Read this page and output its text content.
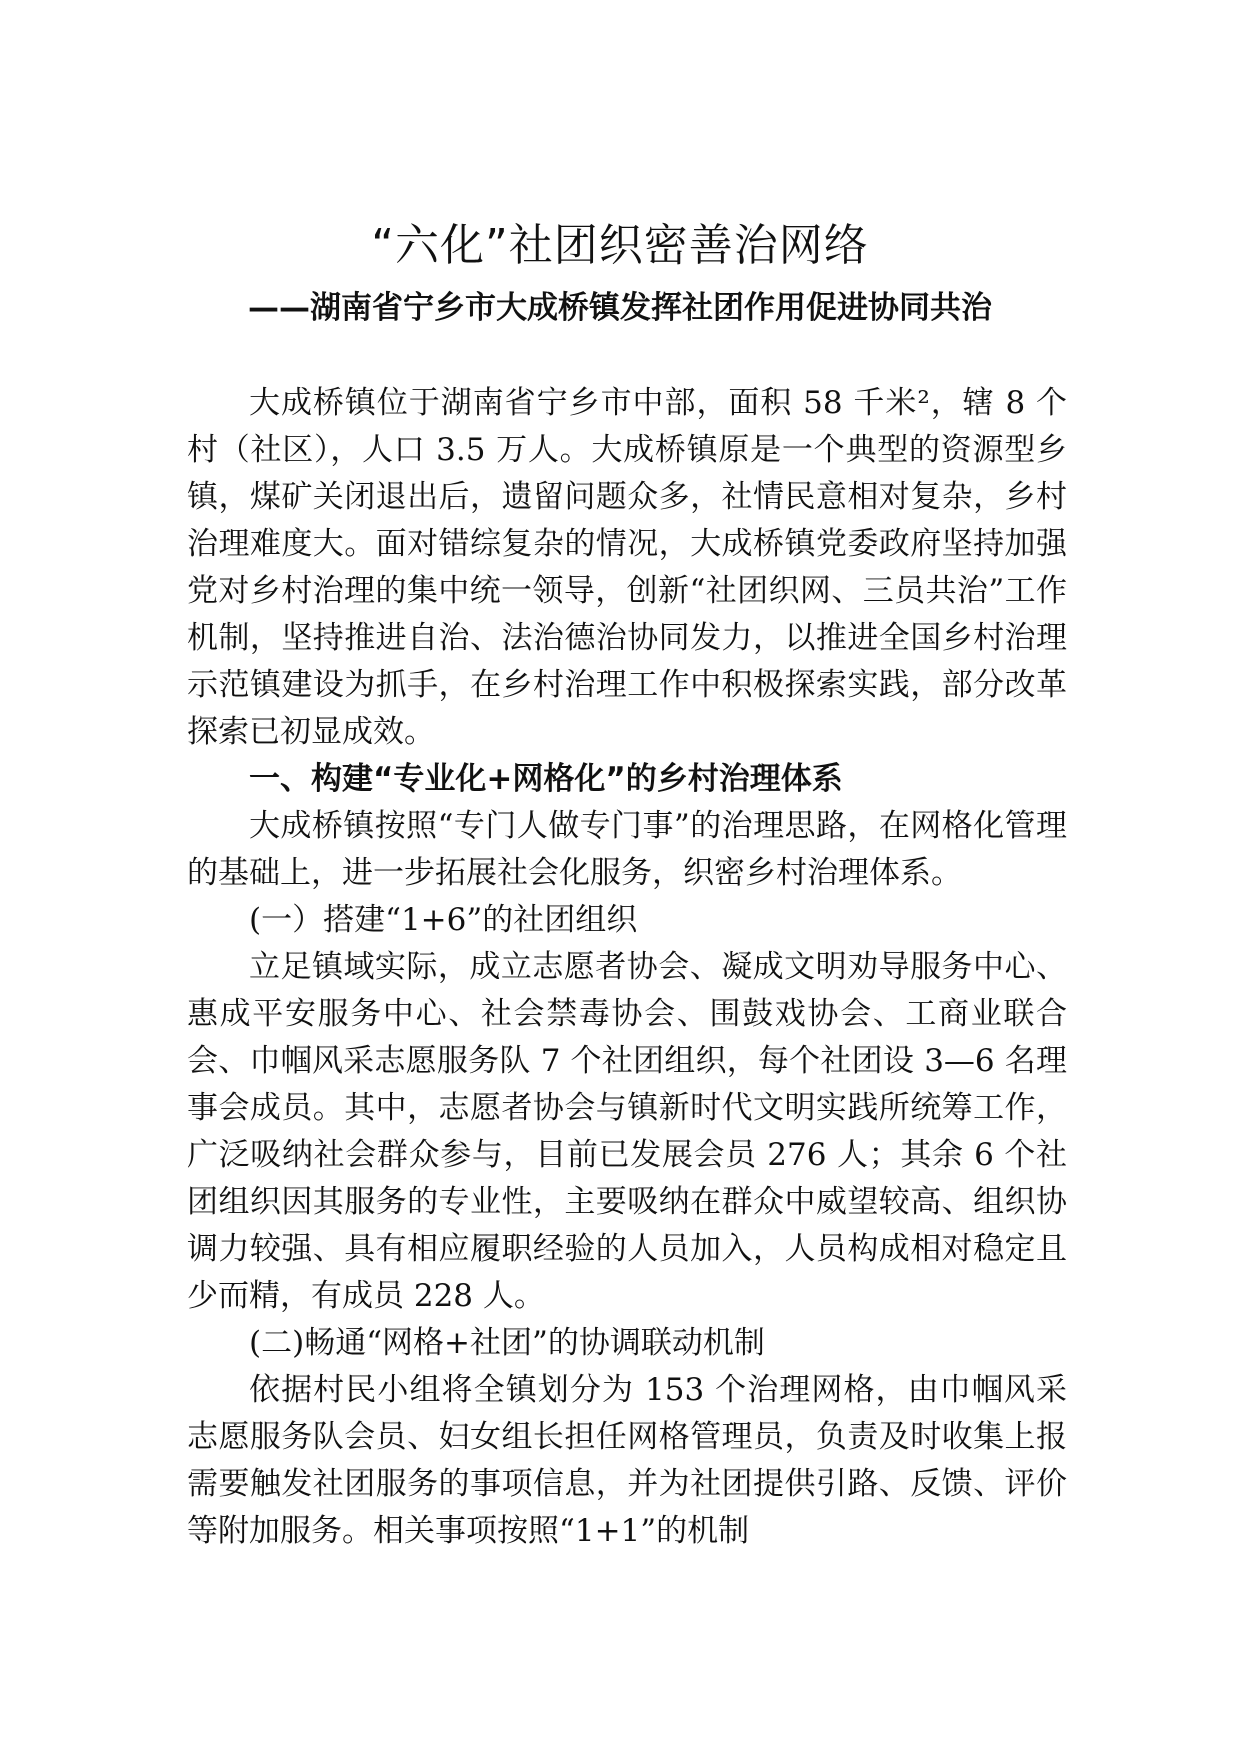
“六化”社团织密善治网络
——湖南省宁乡市大成桥镇发挥社团作用促进协同共治

大成桥镇位于湖南省宁乡市中部，面积 58 千米²，辖 8 个村（社区），人口 3.5 万人。大成桥镇原是一个典型的资源型乡镇，煤矿关闭退出后，遗留问题众多，社情民意相对复杂，乡村治理难度大。面对错综复杂的情况，大成桥镇党委政府坚持加强党对乡村治理的集中统一领导，创新“社团织网、三员共治”工作机制，坚持推进自治、法治德治协同发力，以推进全国乡村治理示范镇建设为抓手，在乡村治理工作中积极探索实践，部分改革探索已初显成效。

一、构建“专业化+网格化”的乡村治理体系

大成桥镇按照“专门人做专门事”的治理思路，在网格化管理的基础上，进一步拓展社会化服务，织密乡村治理体系。

(一）搭建“1+6”的社团组织

立足镇域实际，成立志愿者协会、凝成文明劝导服务中心、惠成平安服务中心、社会禁毒协会、围鼓戏协会、工商业联合会、巾帼风采志愿服务队 7 个社团组织，每个社团设 3—6 名理事会成员。其中，志愿者协会与镇新时代文明实践所统筹工作，广泛吸纳社会群众参与，目前已发展会员 276 人；其余 6 个社团组织因其服务的专业性，主要吸纳在群众中威望较高、组织协调力较强、具有相应履职经验的人员加入，人员构成相对稳定且少而精，有成员 228 人。

(二)畅通“网格+社团”的协调联动机制

依据村民小组将全镇划分为 153 个治理网格，由巾帼风采志愿服务队会员、妇女组长担任网格管理员，负责及时收集上报需要触发社团服务的事项信息，并为社团提供引路、反馈、评价等附加服务。相关事项按照“1+1”的机制
